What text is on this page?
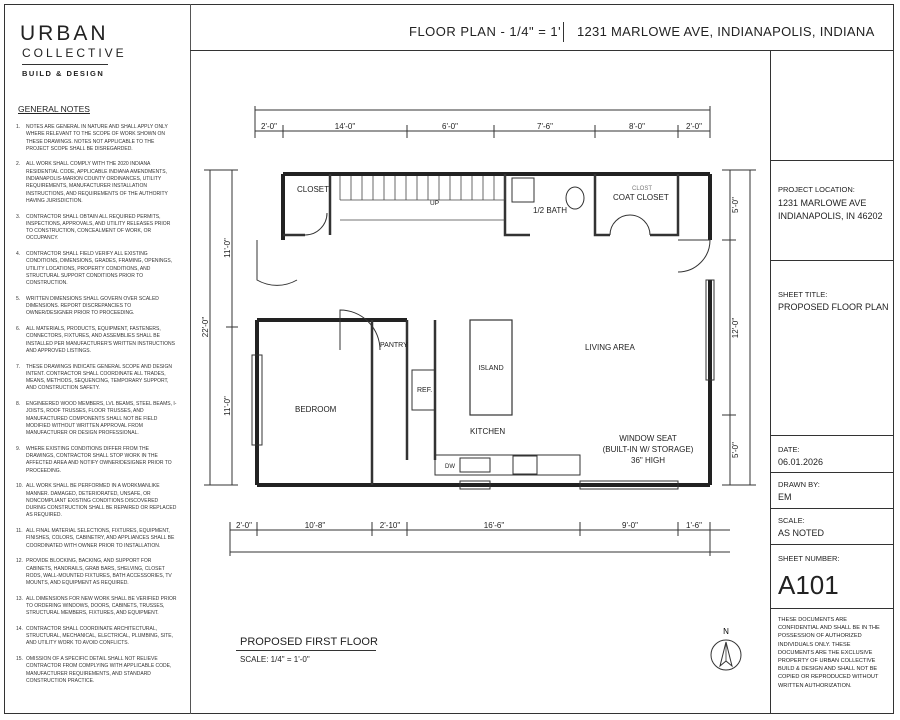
URBAN
COLLECTIVE
BUILD & DESIGN
GENERAL NOTES
1.	NOTES ARE GENERAL IN NATURE AND SHALL APPLY ONLY WHERE RELEVANT TO THE SCOPE OF WORK SHOWN ON THESE DRAWINGS. NOTES NOT APPLICABLE TO THE PROJECT SCOPE SHALL BE DISREGARDED.
2.	ALL WORK SHALL COMPLY WITH THE 2020 INDIANA RESIDENTIAL CODE, APPLICABLE INDIANA AMENDMENTS, INDIANAPOLIS-MARION COUNTY ORDINANCES, UTILITY REQUIREMENTS, MANUFACTURER INSTALLATION INSTRUCTIONS, AND REQUIREMENTS OF THE AUTHORITY HAVING JURISDICTION.
3.	CONTRACTOR SHALL OBTAIN ALL REQUIRED PERMITS, INSPECTIONS, APPROVALS, AND UTILITY RELEASES PRIOR TO CONSTRUCTION, CONCEALMENT OF WORK, OR OCCUPANCY.
4.	CONTRACTOR SHALL FIELD VERIFY ALL EXISTING CONDITIONS, DIMENSIONS, GRADES, FRAMING, OPENINGS, UTILITY LOCATIONS, PROPERTY CONDITIONS, AND STRUCTURAL SUPPORT CONDITIONS PRIOR TO CONSTRUCTION.
5.	WRITTEN DIMENSIONS SHALL GOVERN OVER SCALED DIMENSIONS. REPORT DISCREPANCIES TO OWNER/DESIGNER PRIOR TO PROCEEDING.
6.	ALL MATERIALS, PRODUCTS, EQUIPMENT, FASTENERS, CONNECTORS, FIXTURES, AND ASSEMBLIES SHALL BE INSTALLED PER MANUFACTURER'S WRITTEN INSTRUCTIONS AND APPROVED LISTINGS.
7.	THESE DRAWINGS INDICATE GENERAL SCOPE AND DESIGN INTENT. CONTRACTOR SHALL COORDINATE ALL TRADES, MEANS, METHODS, SEQUENCING, TEMPORARY SUPPORT, AND CONSTRUCTION SAFETY.
8.	ENGINEERED WOOD MEMBERS, LVL BEAMS, STEEL BEAMS, I-JOISTS, ROOF TRUSSES, FLOOR TRUSSES, AND MANUFACTURED COMPONENTS SHALL NOT BE FIELD MODIFIED WITHOUT WRITTEN APPROVAL FROM MANUFACTURER OR DESIGN PROFESSIONAL.
9.	WHERE EXISTING CONDITIONS DIFFER FROM THE DRAWINGS, CONTRACTOR SHALL STOP WORK IN THE AFFECTED AREA AND NOTIFY OWNER/DESIGNER PRIOR TO PROCEEDING.
10. ALL WORK SHALL BE PERFORMED IN A WORKMANLIKE MANNER. DAMAGED, DETERIORATED, UNSAFE, OR NONCOMPLIANT EXISTING CONDITIONS DISCOVERED DURING CONSTRUCTION SHALL BE REPAIRED OR REPLACED AS REQUIRED.
11. ALL FINAL MATERIAL SELECTIONS, FIXTURES, EQUIPMENT, FINISHES, COLORS, CABINETRY, AND APPLIANCES SHALL BE COORDINATED WITH OWNER PRIOR TO INSTALLATION.
12. PROVIDE BLOCKING, BACKING, AND SUPPORT FOR CABINETS, HANDRAILS, GRAB BARS, SHELVING, CLOSET RODS, WALL-MOUNTED FIXTURES, BATH ACCESSORIES, TV MOUNTS, AND EQUIPMENT AS REQUIRED.
13. ALL DIMENSIONS FOR NEW WORK SHALL BE VERIFIED PRIOR TO ORDERING WINDOWS, DOORS, CABINETS, TRUSSES, STRUCTURAL MEMBERS, FIXTURES, AND EQUIPMENT.
14. CONTRACTOR SHALL COORDINATE ARCHITECTURAL, STRUCTURAL, MECHANICAL, ELECTRICAL, PLUMBING, SITE, AND UTILITY WORK TO AVOID CONFLICTS.
15. OMISSION OF A SPECIFIC DETAIL SHALL NOT RELIEVE CONTRACTOR FROM COMPLYING WITH APPLICABLE CODE, MANUFACTURER REQUIREMENTS, AND STANDARD CONSTRUCTION PRACTICE.
FLOOR PLAN - 1/4" = 1' 1231 MARLOWE AVE, INDIANAPOLIS, INDIANA
PROJECT LOCATION:
1231 MARLOWE AVE
INDIANAPOLIS, IN 46202
SHEET TITLE:
PROPOSED FLOOR PLAN
DATE:
06.01.2026
DRAWN BY:
EM
SCALE:
AS NOTED
SHEET NUMBER:
A101
THESE DOCUMENTS ARE CONFIDENTIAL AND SHALL BE IN THE POSSESSION OF AUTHORIZED INDIVIDUALS ONLY. THESE DOCUMENTS ARE THE EXCLUSIVE PROPERTY OF URBAN COLLECTIVE BUILD & DESIGN AND SHALL NOT BE COPIED OR REPRODUCED WITHOUT WRITTEN AUTHORIZATION.
PROPOSED FIRST FLOOR
SCALE: 1/4" = 1'-0"
N
CLOSET
UP
1/2 BATH
COAT CLOSET
CLOST
PANTRY
REF.
ISLAND
LIVING AREA
BEDROOM
KITCHEN
WINDOW SEAT
(BUILT-IN W/ STORAGE)
36" HIGH
DW
2'-0"	14'-0"	6'-0"	7'-6"	8'-0"	2'-0"
2'-0"	10'-8"	2'-10"	16'-6"	9'-0"	1'-6"
11'-0"
22'-0"
11'-0"
5'-0"
12'-0"
5'-0"
